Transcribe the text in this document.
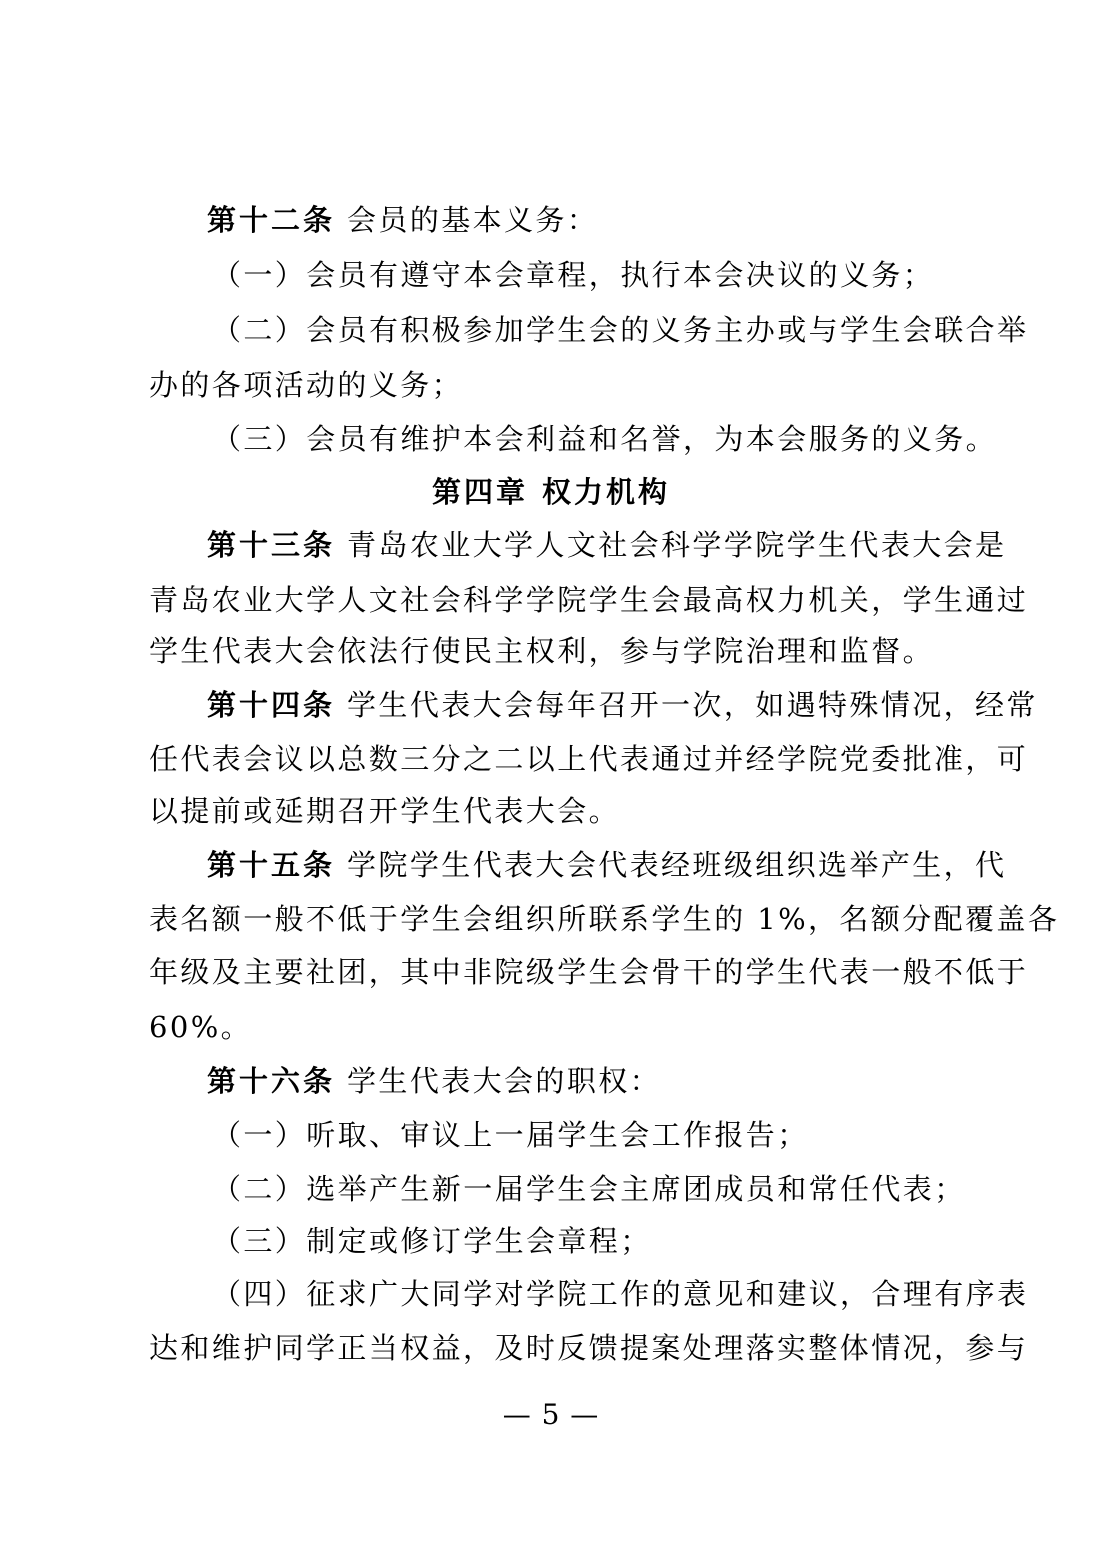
第十二条 会员的基本义务：
（一）会员有遵守本会章程，执行本会决议的义务；
（二）会员有积极参加学生会的义务主办或与学生会联合举
办的各项活动的义务；
（三）会员有维护本会利益和名誉，为本会服务的义务。
第四章 权力机构
第十三条 青岛农业大学人文社会科学学院学生代表大会是
青岛农业大学人文社会科学学院学生会最高权力机关，学生通过
学生代表大会依法行使民主权利，参与学院治理和监督。
第十四条 学生代表大会每年召开一次，如遇特殊情况，经常
任代表会议以总数三分之二以上代表通过并经学院党委批准，可
以提前或延期召开学生代表大会。
第十五条 学院学生代表大会代表经班级组织选举产生，代
表名额一般不低于学生会组织所联系学生的 1%，名额分配覆盖各
年级及主要社团，其中非院级学生会骨干的学生代表一般不低于
60%。
第十六条 学生代表大会的职权：
（一）听取、审议上一届学生会工作报告；
（二）选举产生新一届学生会主席团成员和常任代表；
（三）制定或修订学生会章程；
（四）征求广大同学对学院工作的意见和建议，合理有序表
达和维护同学正当权益，及时反馈提案处理落实整体情况，参与
— 5 —
